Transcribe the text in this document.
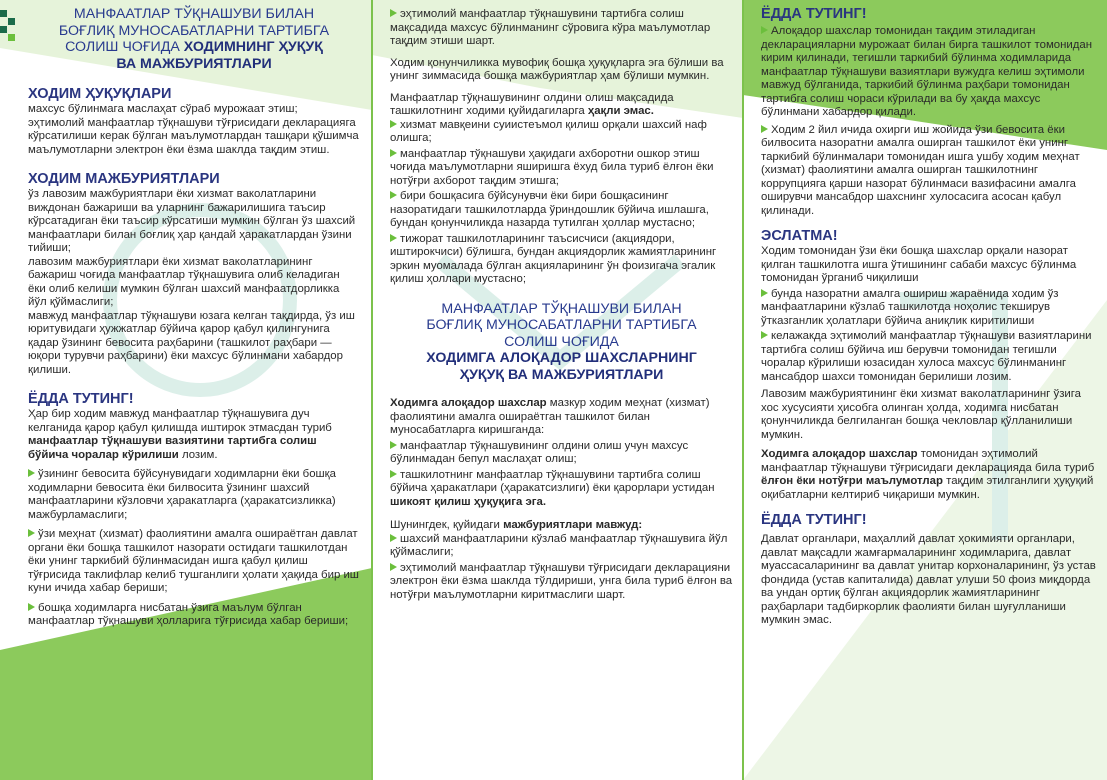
МАНФААТЛАР ТЎҚНАШУВИ БИЛАН

БОҒЛИҚ МУНОСАБАТЛАРНИ ТАРТИБГА

СОЛИШ ЧОҒИДА ХОДИМНИНГ ҲУҚУҚ

ВА МАЖБУРИЯТЛАРИ

ХОДИМ ҲУҚУҚЛАРИ

махсус бўлинмага маслаҳат сўраб мурожаат этиш;

эҳтимолий манфаатлар тўқнашуви тўғрисидаги декларацияга кўрсатилиши керак бўлган маълумотлардан ташқари қўшимча маълумотларни электрон ёки ёзма шаклда тақдим этиш.

ХОДИМ МАЖБУРИЯТЛАРИ

ўз лавозим мажбуриятлари ёки хизмат ваколатларини виждонан бажариши ва уларнинг бажарилишига таъсир кўрсатадиган ёки таъсир кўрсатиши мумкин бўлган ўз шахсий манфаатлари билан боғлиқ ҳар қандай ҳаракатлардан ўзини тийиши;

лавозим мажбуриятлари ёки хизмат ваколатларининг бажариш чоғида манфаатлар тўқнашувига олиб келадиган ёки олиб келиши мумкин бўлган шахсий манфаатдорликка йўл қўймаслиги;

мавжуд манфаатлар тўқнашуви юзага келган тақдирда, ўз иш юритувидаги ҳужжатлар бўйича қарор қабул қилингунига қадар ўзининг бевосита раҳбарини (ташкилот раҳбари — юқори турувчи раҳбарини) ёки махсус бўлинмани хабардор қилиши.

ЁДДА ТУТИНГ!

Ҳар бир ходим мавжуд манфаатлар тўқнашувига дуч келганида қарор қабул қилишда иштирок этмасдан туриб манфаатлар тўқнашуви вазиятини тартибга солиш бўйича чоралар кўрилиши лозим.

ўзининг бевосита бўйсунувидаги ходимларни ёки бошқа ходимларни бевосита ёки билвосита ўзининг шахсий манфаатларини кўзловчи ҳаракатларга (ҳаракатсизликка) мажбурламаслиги;

ўзи меҳнат (хизмат) фаолиятини амалга ошираётган давлат органи ёки бошқа ташкилот назорати остидаги ташкилотдан ёки унинг таркибий бўлинмасидан ишга қабул қилиш тўғрисида таклифлар келиб тушганлиги ҳолати ҳақида бир иш куни ичида хабар бериши;

бошқа ходимларга нисбатан ўзига маълум бўлган манфаатлар тўқнашуви ҳолларига тўғрисида хабар бериши;

эҳтимолий манфаатлар тўқнашувини тартибга солиш мақсадида махсус бўлинманинг сўровига кўра маълумотлар тақдим этиши шарт.

Ходим қонунчиликка мувофиқ бошқа ҳуқуқларга эга бўлиши ва унинг зиммасида бошқа мажбуриятлар ҳам бўлиши мумкин.

Манфаатлар тўқнашувининг олдини олиш мақсадида ташкилотнинг ходими қуйидагиларга ҳақли эмас.

хизмат мавқеини суиистеъмол қилиш орқали шахсий наф олишга;

манфаатлар тўқнашуви ҳақидаги ахборотни ошкор этиш чоғида маълумотларни яширишга ёхуд била туриб ёлғон ёки нотўғри ахборот тақдим этишга;

бири бошқасига бўйсунувчи ёки бири бошқасининг назоратидаги ташкилотларда ўриндошлик бўйича ишлашга, бундан қонунчиликда назарда тутилган ҳоллар мустасно;

тижорат ташкилотларининг таъсисчиси (акциядори, иштирокчиси) бўлишга, бундан акциядорлик жамиятларининг эркин муомалада бўлган акцияларининг ўн фоизигача эгалик қилиш ҳоллари мустасно;

МАНФААТЛАР ТЎҚНАШУВИ БИЛАН

БОҒЛИҚ МУНОСАБАТЛАРНИ ТАРТИБГА

СОЛИШ ЧОҒИДА

ХОДИМГА АЛОҚАДОР ШАХСЛАРНИНГ

ҲУҚУҚ ВА МАЖБУРИЯТЛАРИ

Ходимга алоқадор шахслар мазкур ходим меҳнат (хизмат) фаолиятини амалга ошираётган ташкилот билан муносабатларга киришганда:

манфаатлар тўқнашувининг олдини олиш учун махсус бўлинмадан бепул маслаҳат олиш;

ташкилотнинг манфаатлар тўқнашувини тартибга солиш бўйича ҳаракатлари (ҳаракатсизлиги) ёки қарорлари устидан шикоят қилиш ҳуқуқига эга.

Шунингдек, қуйидаги мажбуриятлари мавжуд:

шахсий манфаатларини кўзлаб манфаатлар тўқнашувига йўл қўймаслиги;

эҳтимолий манфаатлар тўқнашуви тўғрисидаги декларацияни электрон ёки ёзма шаклда тўлдириши, унга била туриб ёлғон ва нотўғри маълумотларни киритмаслиги шарт.

ЁДДА ТУТИНГ!

Алоқадор шахслар томонидан тақдим этиладиган декларацияларни мурожаат билан бирга ташкилот томонидан кирим қилинади, тегишли таркибий бўлинма ходимларида манфаатлар тўқнашуви вазиятлари вужудга келиш эҳтимоли мавжуд бўлганида, таркибий бўлинма раҳбари томонидан тартибга солиш чораси кўрилади ва бу ҳақда махсус бўлинмани хабардор қилади.

Ходим 2 йил ичида охирги иш жойида ўзи бевосита ёки билвосита назоратни амалга оширган ташкилот ёки унинг таркибий бўлинмалари томонидан ишга ушбу ходим меҳнат (хизмат) фаолиятини амалга оширган ташкилотнинг коррупцияга қарши назорат бўлинмаси вазифасини амалга оширувчи мансабдор шахснинг хулосасига асосан қабул қилинади.

ЭСЛАТМА!

Ходим томонидан ўзи ёки бошқа шахслар орқали назорат қилган ташкилотга ишга ўтишининг сабаби махсус бўлинма томонидан ўрганиб чиқилиши

бунда назоратни амалга ошириш жараёнида ходим ўз манфаатларини кўзлаб ташкилотда ноҳолис текширув ўтказганлик ҳолатлари бўйича аниқлик киритилиши

келажакда эҳтимолий манфаатлар тўқнашуви вазиятларини тартибга солиш бўйича иш берувчи томонидан тегишли чоралар кўрилиши юзасидан хулоса махсус бўлинманинг мансабдор шахси томонидан берилиши лозим.

Лавозим мажбуриятининг ёки хизмат ваколатларининг ўзига хос хусусияти ҳисобга олинган ҳолда, ходимга нисбатан қонунчиликда белгиланган бошқа чекловлар қўлланилиши мумкин.

Ходимга алоқадор шахслар томонидан эҳтимолий манфаатлар тўқнашуви тўғрисидаги декларацияда била туриб ёлғон ёки нотўғри маълумотлар тақдим этилганлиги ҳуқуқий оқибатларни келтириб чиқариши мумкин.

ЁДДА ТУТИНГ!

Давлат органлари, маҳаллий давлат ҳокимияти органлари, давлат мақсадли жамғармаларининг ходимларига, давлат муассасаларининг ва давлат унитар корхоналарининг, ўз устав фондида (устав капиталида) давлат улуши 50 фоиз миқдорда ва ундан ортиқ бўлган акциядорлик жамиятларининг раҳбарлари тадбиркорлик фаолияти билан шуғулланиши мумкин эмас.
